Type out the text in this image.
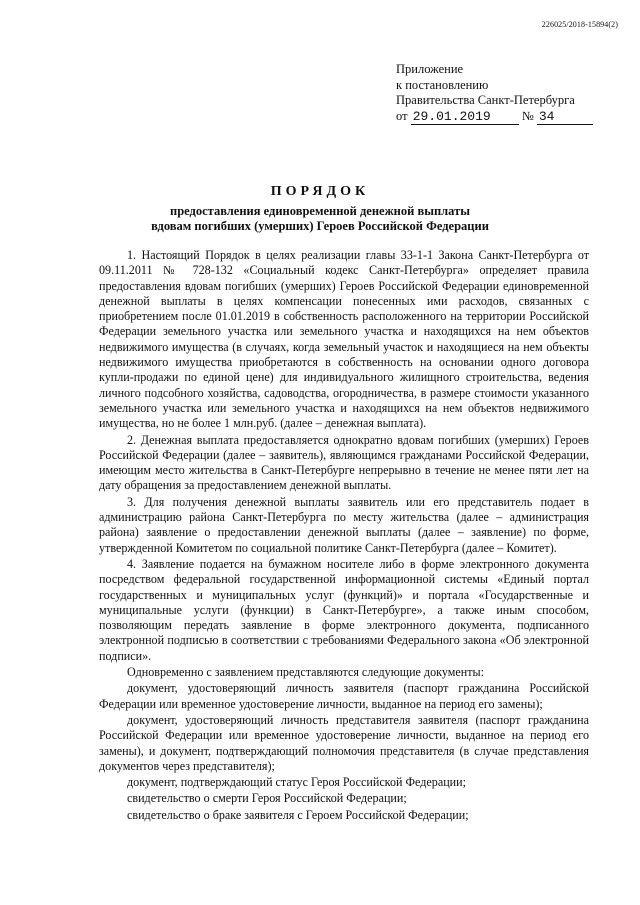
226025/2018-15894(2)
Приложение
к постановлению
Правительства Санкт-Петербурга
от 29.01.2019 № 34
ПОРЯДОК
предоставления единовременной денежной выплаты
вдовам погибших (умерших) Героев Российской Федерации

1. Настоящий Порядок в целях реализации главы 33-1-1 Закона Санкт-Петербурга от 09.11.2011 № 728-132 «Социальный кодекс Санкт-Петербурга» определяет правила предоставления вдовам погибших (умерших) Героев Российской Федерации единовременной денежной выплаты в целях компенсации понесенных ими расходов, связанных с приобретением после 01.01.2019 в собственность расположенного на территории Российской Федерации земельного участка или земельного участка и находящихся на нем объектов недвижимого имущества (в случаях, когда земельный участок и находящиеся на нем объекты недвижимого имущества приобретаются в собственность на основании одного договора купли-продажи по единой цене) для индивидуального жилищного строительства, ведения личного подсобного хозяйства, садоводства, огородничества, в размере стоимости указанного земельного участка или земельного участка и находящихся на нем объектов недвижимого имущества, но не более 1 млн.руб. (далее – денежная выплата).

2. Денежная выплата предоставляется однократно вдовам погибших (умерших) Героев Российской Федерации (далее – заявитель), являющимся гражданами Российской Федерации, имеющим место жительства в Санкт-Петербурге непрерывно в течение не менее пяти лет на дату обращения за предоставлением денежной выплаты.

3. Для получения денежной выплаты заявитель или его представитель подает в администрацию района Санкт-Петербурга по месту жительства (далее – администрация района) заявление о предоставлении денежной выплаты (далее – заявление) по форме, утвержденной Комитетом по социальной политике Санкт-Петербурга (далее – Комитет).

4. Заявление подается на бумажном носителе либо в форме электронного документа посредством федеральной государственной информационной системы «Единый портал государственных и муниципальных услуг (функций)» и портала «Государственные и муниципальные услуги (функции) в Санкт-Петербурге», а также иным способом, позволяющим передать заявление в форме электронного документа, подписанного электронной подписью в соответствии с требованиями Федерального закона «Об электронной подписи».

Одновременно с заявлением представляются следующие документы:

документ, удостоверяющий личность заявителя (паспорт гражданина Российской Федерации или временное удостоверение личности, выданное на период его замены);

документ, удостоверяющий личность представителя заявителя (паспорт гражданина Российской Федерации или временное удостоверение личности, выданное на период его замены), и документ, подтверждающий полномочия представителя (в случае представления документов через представителя);

документ, подтверждающий статус Героя Российской Федерации;

свидетельство о смерти Героя Российской Федерации;

свидетельство о браке заявителя с Героем Российской Федерации;
